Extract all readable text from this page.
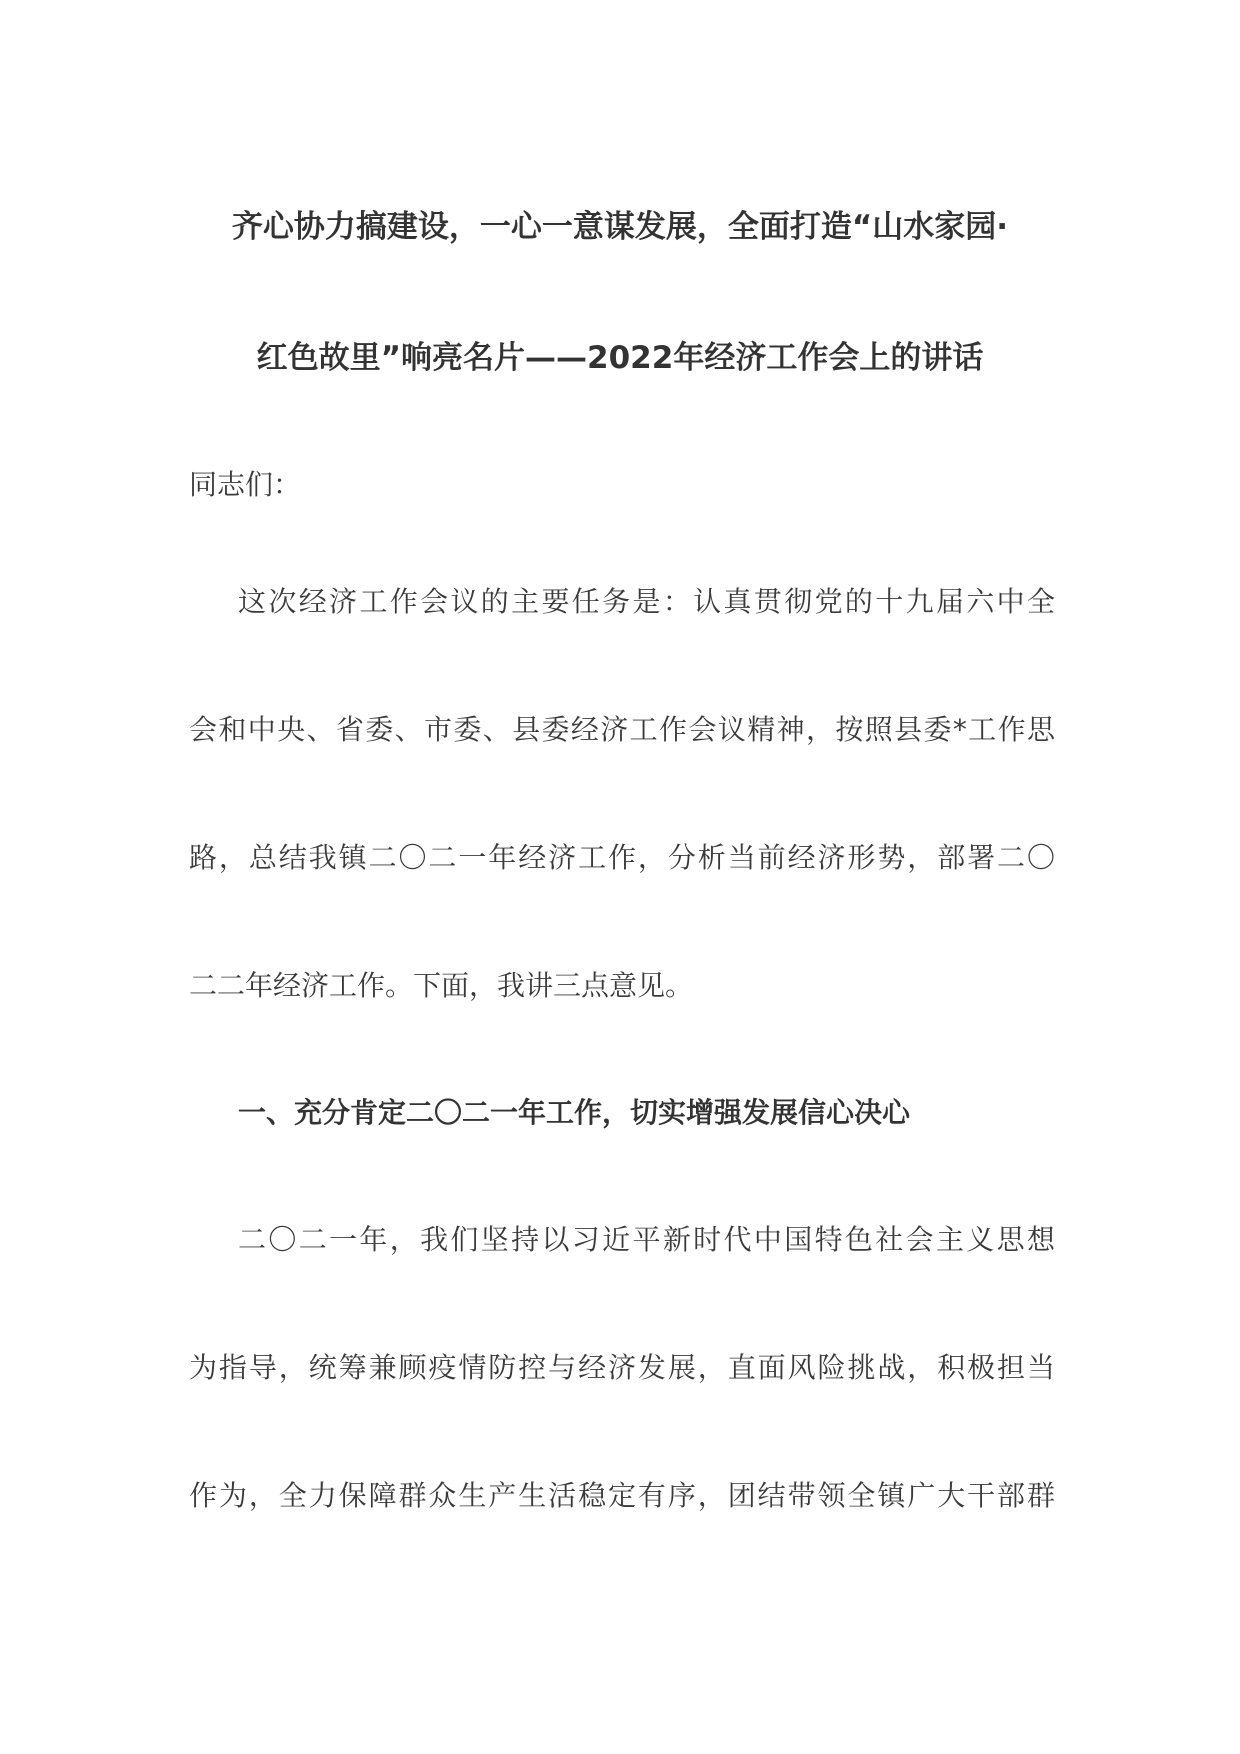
齐心协力搞建设，一心一意谋发展，全面打造“山水家园·
红色故里”响亮名片——2022年经济工作会上的讲话
同志们：
这次经济工作会议的主要任务是：认真贯彻党的十九届六中全
会和中央、省委、市委、县委经济工作会议精神，按照县委*工作思
路，总结我镇二〇二一年经济工作，分析当前经济形势，部署二〇
二二年经济工作。下面，我讲三点意见。
一、充分肯定二〇二一年工作，切实增强发展信心决心
二〇二一年，我们坚持以习近平新时代中国特色社会主义思想
为指导，统筹兼顾疫情防控与经济发展，直面风险挑战，积极担当
作为，全力保障群众生产生活稳定有序，团结带领全镇广大干部群
